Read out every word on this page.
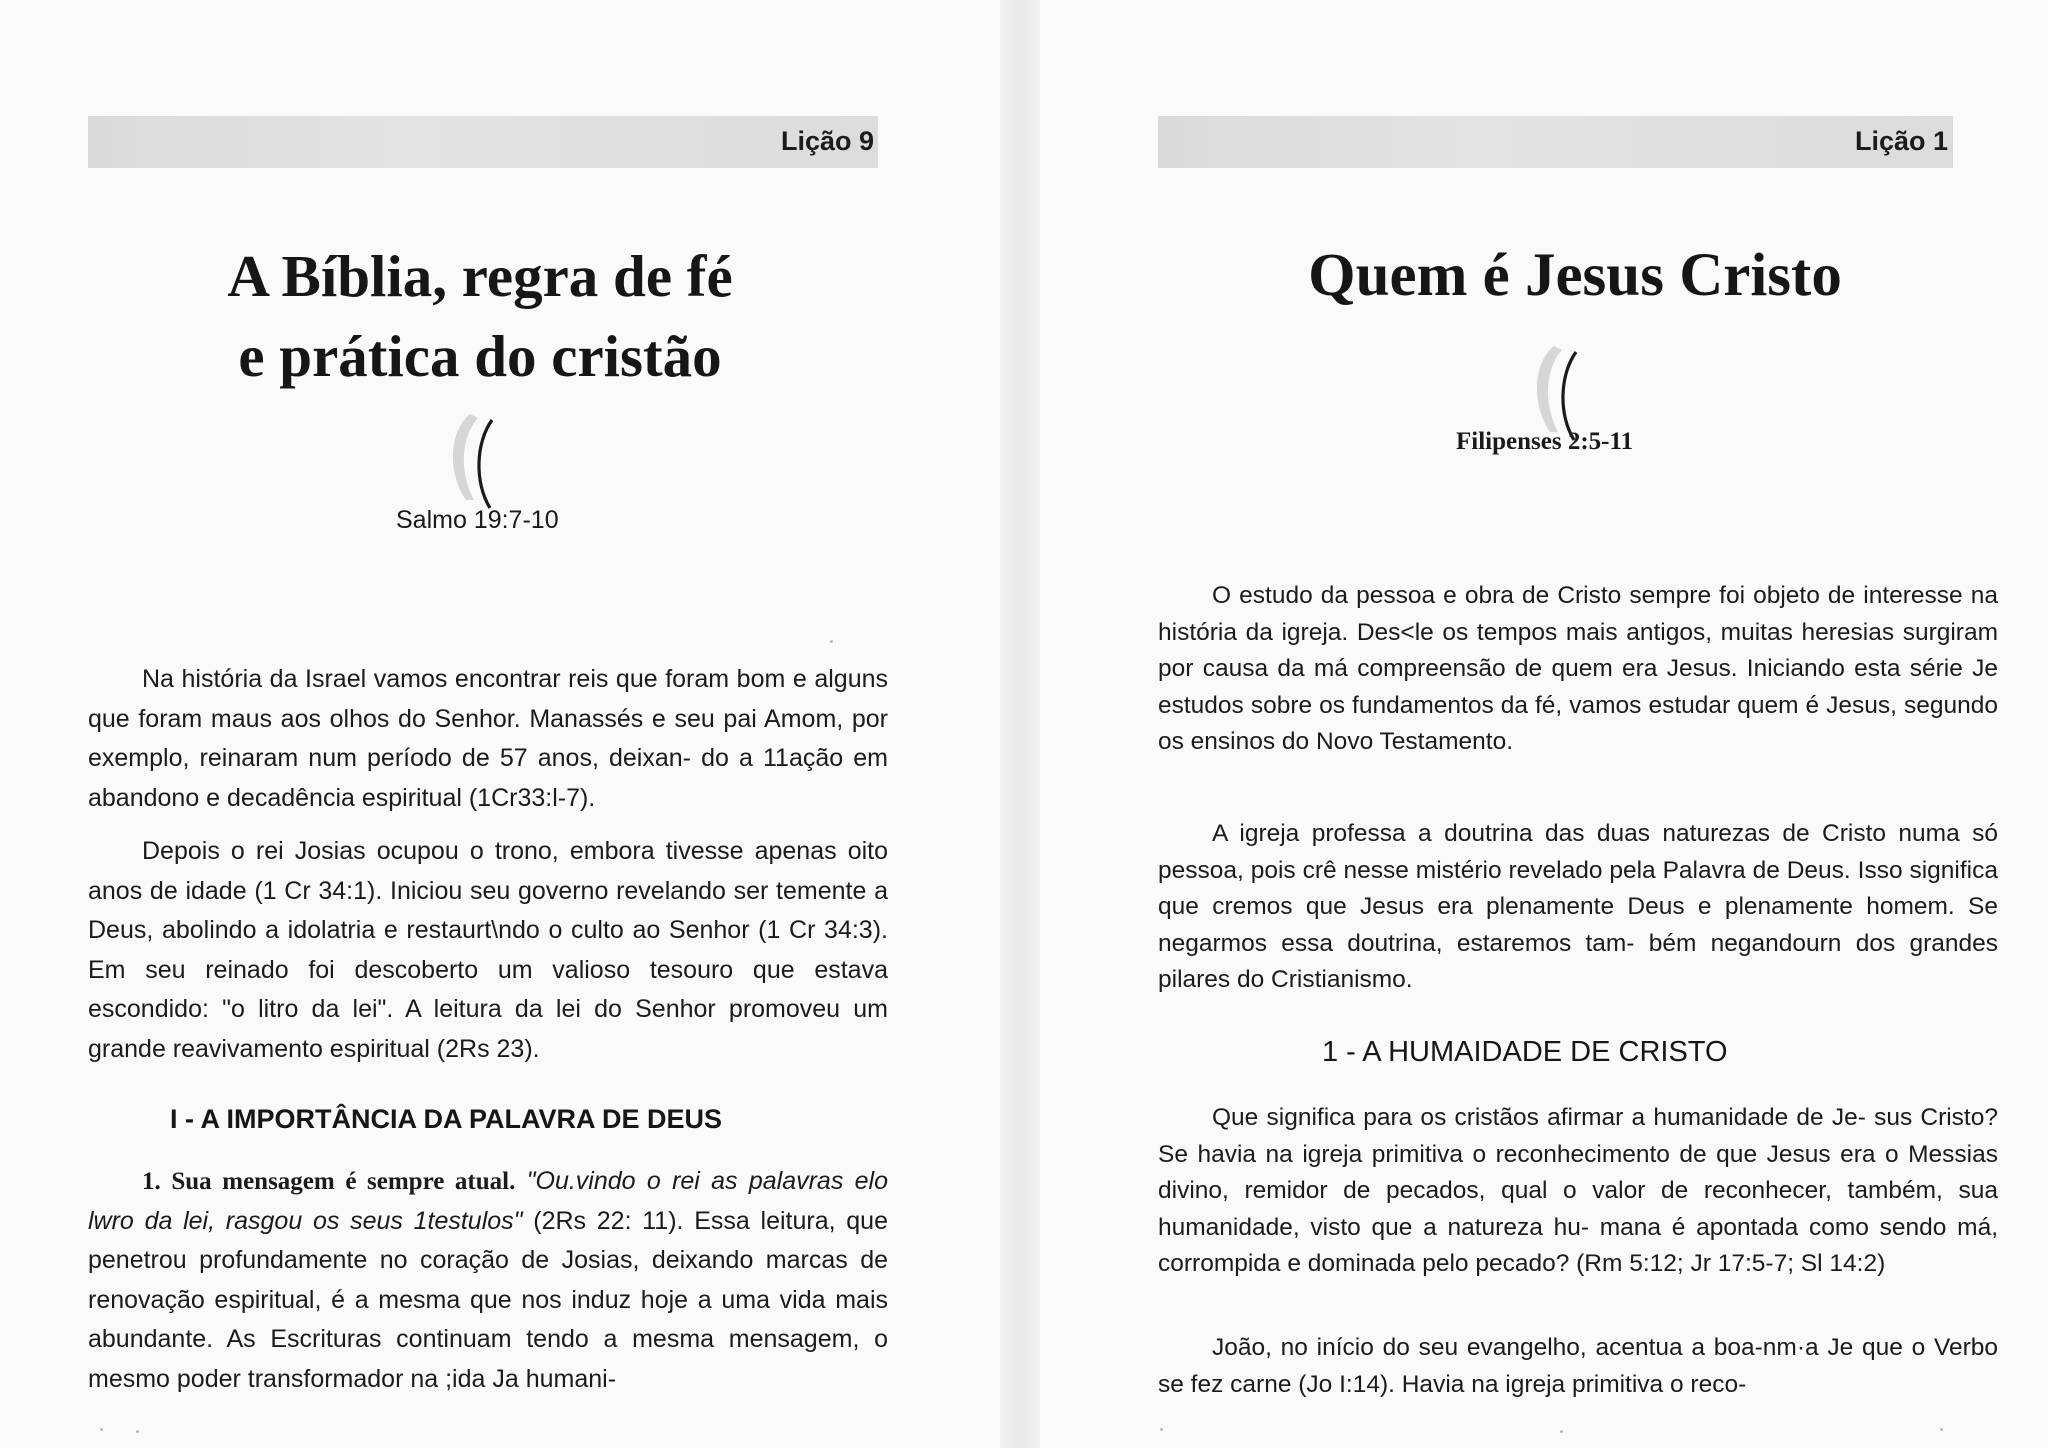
Lição 9
A Bíblia, regra de fé
e prática do cristão
Salmo 19:7-10

Na história da Israel vamos encontrar reis que foram bom e alguns que foram maus aos olhos do Senhor. Manassés e seu pai Amom, por exemplo, reinaram num período de 57 anos, deixan- do a 11ação em abandono e decadência espiritual (1Cr33:l-7).

Depois o rei Josias ocupou o trono, embora tivesse apenas oito anos de idade (1 Cr 34:1). Iniciou seu governo revelando ser temente a Deus, abolindo a idolatria e restaurt\ndo o culto ao Senhor (1 Cr 34:3). Em seu reinado foi descoberto um valioso tesouro que estava escondido: "o litro da lei". A leitura da lei do Senhor promoveu um grande reavivamento espiritual (2Rs 23).

I - A IMPORTÂNCIA DA PALAVRA DE DEUS

1. Sua mensagem é sempre atual. "Ou.vindo o rei as palavras elo lwro da lei, rasgou os seus 1testulos" (2Rs 22: 11). Essa leitura, que penetrou profundamente no coração de Josias, deixando marcas de renovação espiritual, é a mesma que nos induz hoje a uma vida mais abundante. As Escrituras continuam tendo a mesma mensagem, o mesmo poder transformador na ;ida Ja humani-

Lição 1
Quem é Jesus Cristo
Filipenses 2:5-11

O estudo da pessoa e obra de Cristo sempre foi objeto de interesse na história da igreja. Des<le os tempos mais antigos, muitas heresias surgiram por causa da má compreensão de quem era Jesus. Iniciando esta série Je estudos sobre os fundamentos da fé, vamos estudar quem é Jesus, segundo os ensinos do Novo Testamento.

A igreja professa a doutrina das duas naturezas de Cristo numa só pessoa, pois crê nesse mistério revelado pela Palavra de Deus. Isso significa que cremos que Jesus era plenamente Deus e plenamente homem. Se negarmos essa doutrina, estaremos tam- bém negandourn dos grandes pilares do Cristianismo.

1 - A HUMAIDADE DE CRISTO

Que significa para os cristãos afirmar a humanidade de Je- sus Cristo? Se havia na igreja primitiva o reconhecimento de que Jesus era o Messias divino, remidor de pecados, qual o valor de reconhecer, também, sua humanidade, visto que a natureza hu- mana é apontada como sendo má, corrompida e dominada pelo pecado? (Rm 5:12; Jr 17:5-7; Sl 14:2)

João, no início do seu evangelho, acentua a boa-nm·a Je que o Verbo se fez carne (Jo I:14). Havia na igreja primitiva o reco-
